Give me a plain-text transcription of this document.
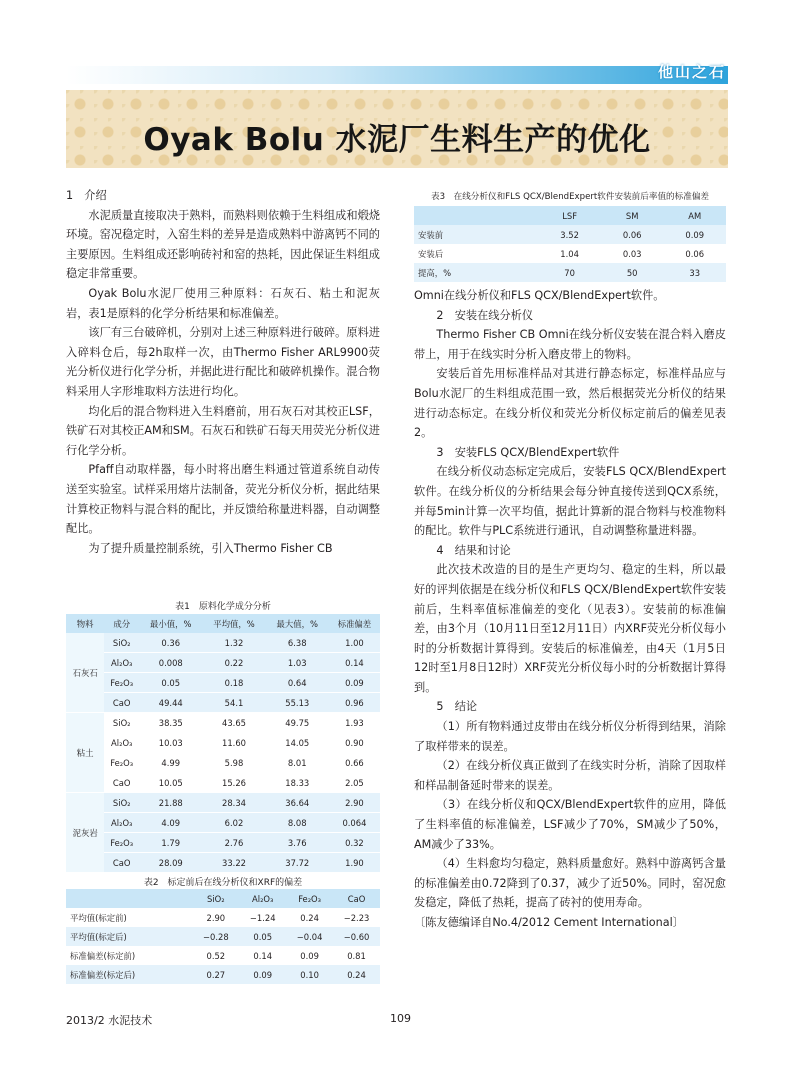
他山之石
Oyak Bolu 水泥厂生料生产的优化

1　介绍

水泥质量直接取决于熟料，而熟料则依赖于生料组成和煅烧环境。窑况稳定时，入窑生料的差异是造成熟料中游离钙不同的主要原因。生料组成还影响砖衬和窑的热耗，因此保证生料组成稳定非常重要。

Oyak Bolu水泥厂使用三种原料：石灰石、粘土和泥灰岩，表1是原料的化学分析结果和标准偏差。

该厂有三台破碎机，分别对上述三种原料进行破碎。原料进入碎料仓后，每2h取样一次，由Thermo Fisher ARL9900荧光分析仪进行化学分析，并据此进行配比和破碎机操作。混合物料采用人字形堆取料方法进行均化。

均化后的混合物料进入生料磨前，用石灰石对其校正LSF，铁矿石对其校正AM和SM。石灰石和铁矿石每天用荧光分析仪进行化学分析。

Pfaff自动取样器，每小时将出磨生料通过管道系统自动传送至实验室。试样采用熔片法制备，荧光分析仪分析，据此结果计算校正物料与混合料的配比，并反馈给称量进料器，自动调整配比。

为了提升质量控制系统，引入Thermo Fisher CB

Omni在线分析仪和FLS QCX/BlendExpert软件。

2　安装在线分析仪

Thermo Fisher CB Omni在线分析仪安装在混合料入磨皮带上，用于在线实时分析入磨皮带上的物料。

安装后首先用标准样品对其进行静态标定，标准样品应与Bolu水泥厂的生料组成范围一致，然后根据荧光分析仪的结果进行动态标定。在线分析仪和荧光分析仪标定前后的偏差见表2。

3　安装FLS QCX/BlendExpert软件

在线分析仪动态标定完成后，安装FLS QCX/BlendExpert软件。在线分析仪的分析结果会每分钟直接传送到QCX系统，并每5min计算一次平均值，据此计算新的混合物料与校准物料的配比。软件与PLC系统进行通讯，自动调整称量进料器。

4　结果和讨论

此次技术改造的目的是生产更均匀、稳定的生料，所以最好的评判依据是在线分析仪和FLS QCX/BlendExpert软件安装前后，生料率值标准偏差的变化（见表3）。安装前的标准偏差，由3个月（10月11日至12月11日）内XRF荧光分析仪每小时的分析数据计算得到。安装后的标准偏差，由4天（1月5日12时至1月8日12时）XRF荧光分析仪每小时的分析数据计算得到。

5　结论

（1）所有物料通过皮带由在线分析仪分析得到结果，消除了取样带来的误差。

（2）在线分析仪真正做到了在线实时分析，消除了因取样和样品制备延时带来的误差。

（3）在线分析仪和QCX/BlendExpert软件的应用，降低了生料率值的标准偏差，LSF减少了70%，SM减少了50%，AM减少了33%。

（4）生料愈均匀稳定，熟料质量愈好。熟料中游离钙含量的标准偏差由0.72降到了0.37，减少了近50%。同时，窑况愈发稳定，降低了热耗，提高了砖衬的使用寿命。

〔陈友德编译自No.4/2012 Cement International〕

表1　原料化学成分分析
物料	成分	最小值，%	平均值，%	最大值，%	标准偏差
石灰石	SiO₂	0.36	1.32	6.38	1.00
	Al₂O₃	0.008	0.22	1.03	0.14
	Fe₂O₃	0.05	0.18	0.64	0.09
	CaO	49.44	54.1	55.13	0.96
粘土	SiO₂	38.35	43.65	49.75	1.93
	Al₂O₃	10.03	11.60	14.05	0.90
	Fe₂O₃	4.99	5.98	8.01	0.66
	CaO	10.05	15.26	18.33	2.05
泥灰岩	SiO₂	21.88	28.34	36.64	2.90
	Al₂O₃	4.09	6.02	8.08	0.064
	Fe₂O₃	1.79	2.76	3.76	0.32
	CaO	28.09	33.22	37.72	1.90
表2　标定前后在线分析仪和XRF的偏差
	SiO₂	Al₂O₃	Fe₂O₃	CaO
平均值(标定前)	2.90	−1.24	0.24	−2.23
平均值(标定后)	−0.28	0.05	−0.04	−0.60
标准偏差(标定前)	0.52	0.14	0.09	0.81
标准偏差(标定后)	0.27	0.09	0.10	0.24
表3　在线分析仪和FLS QCX/BlendExpert软件安装前后率值的标准偏差
	LSF	SM	AM
安装前	3.52	0.06	0.09
安装后	1.04	0.03	0.06
提高，%	70	50	33
2013/2 水泥技术	109
